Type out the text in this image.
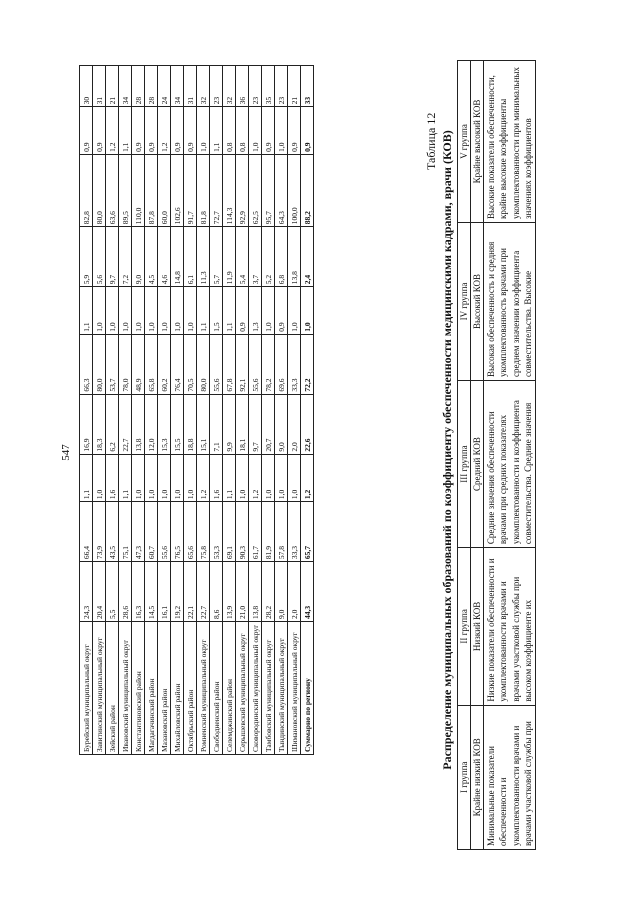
547
Бурейский муниципальный округ	24,3	66,4	1,1	16,9	66,3	1,1	5,9	82,8	0,9	30
Завитинский муниципальный округ	20,4	73,9	1,0	18,3	80,0	1,0	5,6	80,0	0,9	31
Зейский район	5,5	43,5	1,6	6,2	53,7	1,0	9,7	63,6	1,2	21
Ивановский муниципальный округ	28,6	75,1	1,1	22,7	78,0	1,0	7,2	89,5	1,1	34
Константиновский район	16,3	47,3	1,0	13,8	48,9	1,0	9,0	110,0	0,9	28
Магдагачинский район	14,5	60,7	1,0	12,0	65,8	1,0	4,5	87,8	0,9	28
Мазановский район	16,1	55,6	1,0	15,3	60,2	1,0	4,6	60,0	1,2	24
Михайловский район	19,2	76,5	1,0	15,5	76,4	1,0	14,8	102,6	0,9	34
Октябрьский район	22,1	65,6	1,0	18,8	70,5	1,0	6,1	91,7	0,9	31
Ромненский муниципальный округ	22,7	75,8	1,2	15,1	80,0	1,1	11,3	81,8	1,0	32
Свободненский район	8,6	53,3	1,6	7,1	55,6	1,5	5,7	72,7	1,1	23
Селемджинский район	13,9	69,1	1,1	9,9	67,8	1,1	11,9	114,3	0,8	32
Серышевский муниципальный округ	21,0	90,3	1,0	18,1	92,1	0,9	5,4	92,9	0,8	36
Сковородинский муниципальный округ	13,8	61,7	1,2	9,7	55,6	1,3	3,7	62,5	1,0	23
Тамбовский муниципальный округ	28,2	81,9	1,0	20,7	78,2	1,0	5,2	95,7	0,9	35
Тындинский муниципальный округ	9,0	57,8	1,0	9,0	69,6	0,9	6,8	64,3	1,0	23
Шимановский муниципальный округ	2,0	33,3	1,0	2,0	33,3	1,0	13,8	100,0	0,9	21
Суммарно по региону	44,3	65,7	1,2	22,6	72,2	1,0	2,4	88,2	0,9	33
Таблица 12 Распределение муниципальных образований по коэффициенту обеспеченности медицинскими кадрами, врачи (КОВ)
I группа	II группа	III группа	IV группа	V группа
Крайне низкий КОВ	Низкий КОВ	Средний КОВ	Высокий КОВ	Крайне высокий КОВ
Минимальные показатели обеспеченности и укомплектованности врачами и врачами участковой службы при	Низкие показатели обеспеченности и укомплектованности врачами и врачами участковой службы при высоком коэффициенте их	Средние значения обеспеченности врачами при средних показателях укомплектованности и коэффициента совместительства. Средние значения	Высокая обеспеченность и средняя укомплектованность врачами при среднем значении коэффициента совместительства. Высокие	Высокие показатели обеспеченности, крайне высокие коэффициенты укомплектованности при минимальных значениях коэффициентов
